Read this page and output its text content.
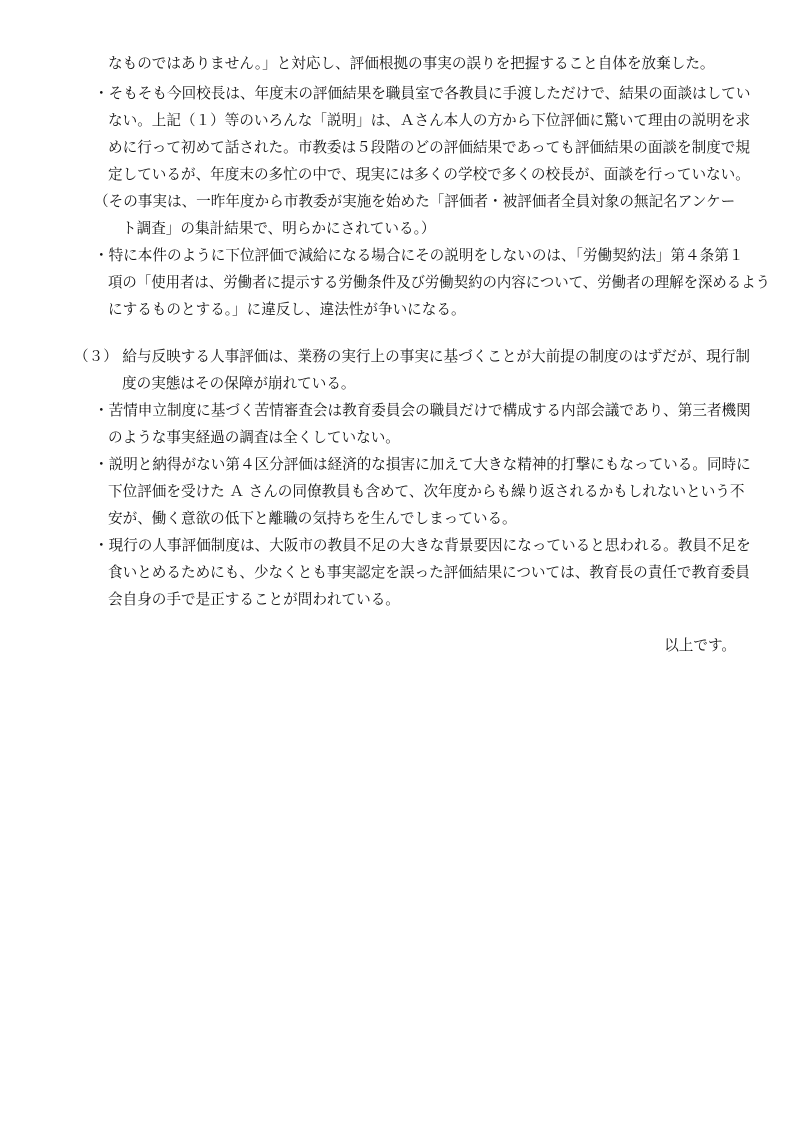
なものではありません。」と対応し、評価根拠の事実の誤りを把握すること自体を放棄した。
・そもそも今回校長は、年度末の評価結果を職員室で各教員に手渡しただけで、結果の面談はしてい
ない。上記（１）等のいろんな「説明」は、Ａさん本人の方から下位評価に驚いて理由の説明を求
めに行って初めて話された。市教委は５段階のどの評価結果であっても評価結果の面談を制度で規
定しているが、年度末の多忙の中で、現実には多くの学校で多くの校長が、面談を行っていない。
（その事実は、一昨年度から市教委が実施を始めた「評価者・被評価者全員対象の無記名アンケー
ト調査」の集計結果で、明らかにされている。）
・特に本件のように下位評価で減給になる場合にその説明をしないのは、「労働契約法」第４条第１
項の「使用者は、労働者に提示する労働条件及び労働契約の内容について、労働者の理解を深めるよう
にするものとする。」に違反し、違法性が争いになる。
（３） 給与反映する人事評価は、業務の実行上の事実に基づくことが大前提の制度のはずだが、現行制
度の実態はその保障が崩れている。
・苦情申立制度に基づく苦情審査会は教育委員会の職員だけで構成する内部会議であり、第三者機関
のような事実経過の調査は全くしていない。
・説明と納得がない第４区分評価は経済的な損害に加えて大きな精神的打撃にもなっている。同時に
下位評価を受けた Ａ さんの同僚教員も含めて、次年度からも繰り返されるかもしれないという不
安が、働く意欲の低下と離職の気持ちを生んでしまっている。
・現行の人事評価制度は、大阪市の教員不足の大きな背景要因になっていると思われる。教員不足を
食いとめるためにも、少なくとも事実認定を誤った評価結果については、教育長の責任で教育委員
会自身の手で是正することが問われている。
以上です。
